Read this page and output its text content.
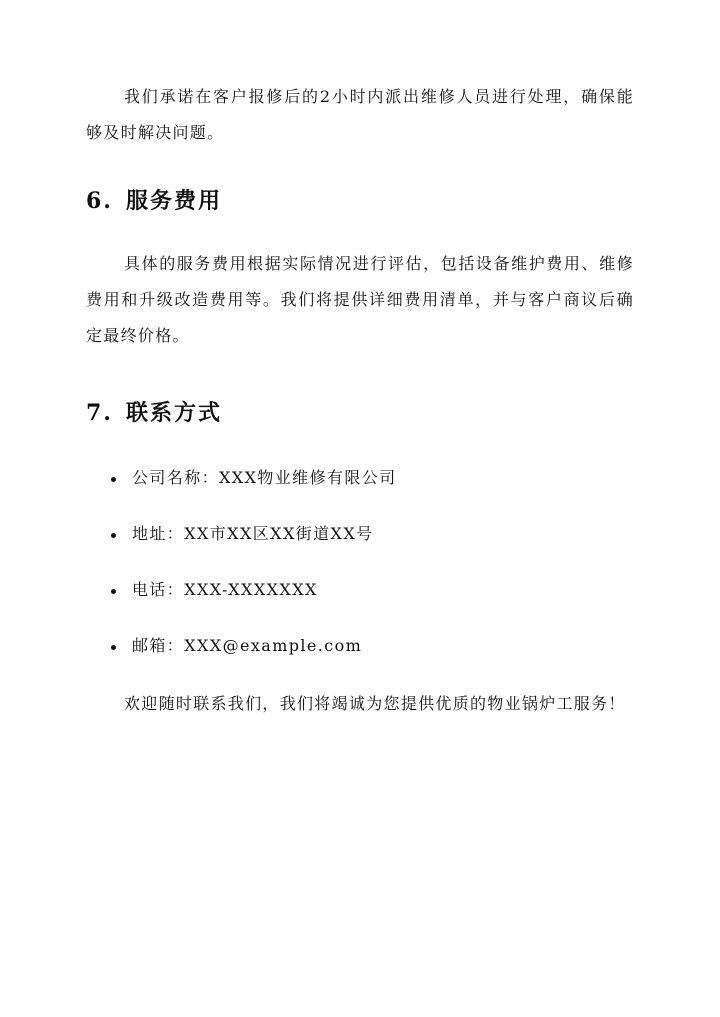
我们承诺在客户报修后的2小时内派出维修人员进行处理，确保能够及时解决问题。

6. 服务费用

具体的服务费用根据实际情况进行评估，包括设备维护费用、维修费用和升级改造费用等。我们将提供详细费用清单，并与客户商议后确定最终价格。

7. 联系方式
公司名称：XXX物业维修有限公司
地址：XX市XX区XX街道XX号
电话：XXX-XXXXXXX
邮箱：XXX@example.com

欢迎随时联系我们，我们将竭诚为您提供优质的物业锅炉工服务！
